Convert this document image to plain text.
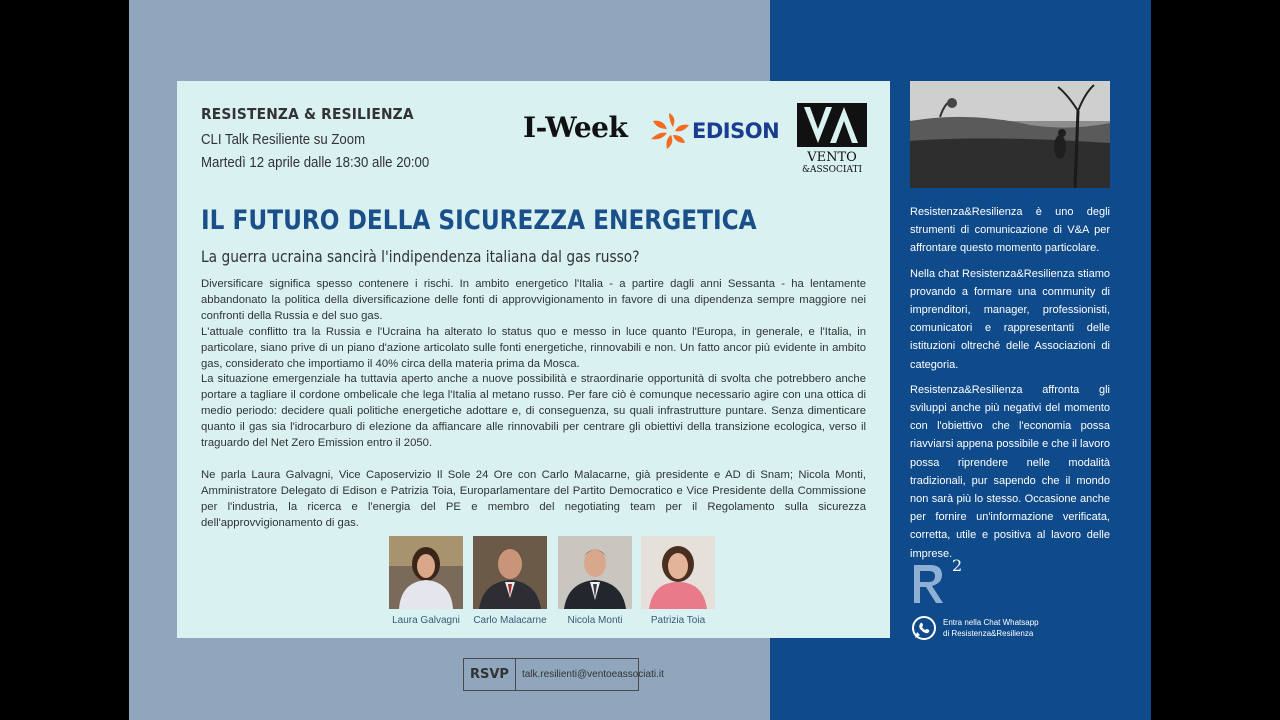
RESISTENZA & RESILIENZA
CLI Talk Resiliente su Zoom
Martedì 12 aprile dalle 18:30 alle 20:00
I-Week	EDISON
VENTO
&ASSOCIATI
IL FUTURO DELLA SICUREZZA ENERGETICA
La guerra ucraina sancirà l'indipendenza italiana dal gas russo?

Diversificare significa spesso contenere i rischi. In ambito energetico l'Italia - a partire dagli anni Sessanta - ha lentamente abbandonato la politica della diversificazione delle fonti di approvvigionamento in favore di una dipendenza sempre maggiore nei confronti della Russia e del suo gas.

L'attuale conflitto tra la Russia e l'Ucraina ha alterato lo status quo e messo in luce quanto l'Europa, in generale, e l'Italia, in particolare, siano prive di un piano d'azione articolato sulle fonti energetiche, rinnovabili e non. Un fatto ancor più evidente in ambito gas, considerato che importiamo il 40% circa della materia prima da Mosca.

La situazione emergenziale ha tuttavia aperto anche a nuove possibilità e straordinarie opportunità di svolta che potrebbero anche portare a tagliare il cordone ombelicale che lega l'Italia al metano russo. Per fare ciò è comunque necessario agire con una ottica di medio periodo: decidere quali politiche energetiche adottare e, di conseguenza, su quali infrastrutture puntare. Senza dimenticare quanto il gas sia l'idrocarburo di elezione da affiancare alle rinnovabili per centrare gli obiettivi della transizione ecologica, verso il traguardo del Net Zero Emission entro il 2050.

Ne parla Laura Galvagni, Vice Caposervizio Il Sole 24 Ore con Carlo Malacarne, già presidente e AD di Snam; Nicola Monti, Amministratore Delegato di Edison e Patrizia Toia, Europarlamentare del Partito Democratico e Vice Presidente della Commissione per l'industria, la ricerca e l'energia del PE e membro del negotiating team per il Regolamento sulla sicurezza dell'approvvigionamento di gas.

Laura Galvagni	Carlo Malacarne	Nicola Monti	Patrizia Toia
RSVP	talk.resilienti@ventoeassociati.it

Resistenza&Resilienza è uno degli strumenti di comunicazione di V&A per affrontare questo momento particolare.

Nella chat Resistenza&Resilienza stiamo provando a formare una community di imprenditori, manager, professionisti, comunicatori e rappresentanti delle istituzioni oltreché delle Associazioni di categoria.

Resistenza&Resilienza affronta gli sviluppi anche più negativi del momento con l'obiettivo che l'economia possa riavviarsi appena possibile e che il lavoro possa riprendere nelle modalità tradizionali, pur sapendo che il mondo non sarà più lo stesso. Occasione anche per fornire un'informazione verificata, corretta, utile e positiva al lavoro delle imprese.

2
Entra nella Chat Whatsapp
di Resistenza&Resilienza
